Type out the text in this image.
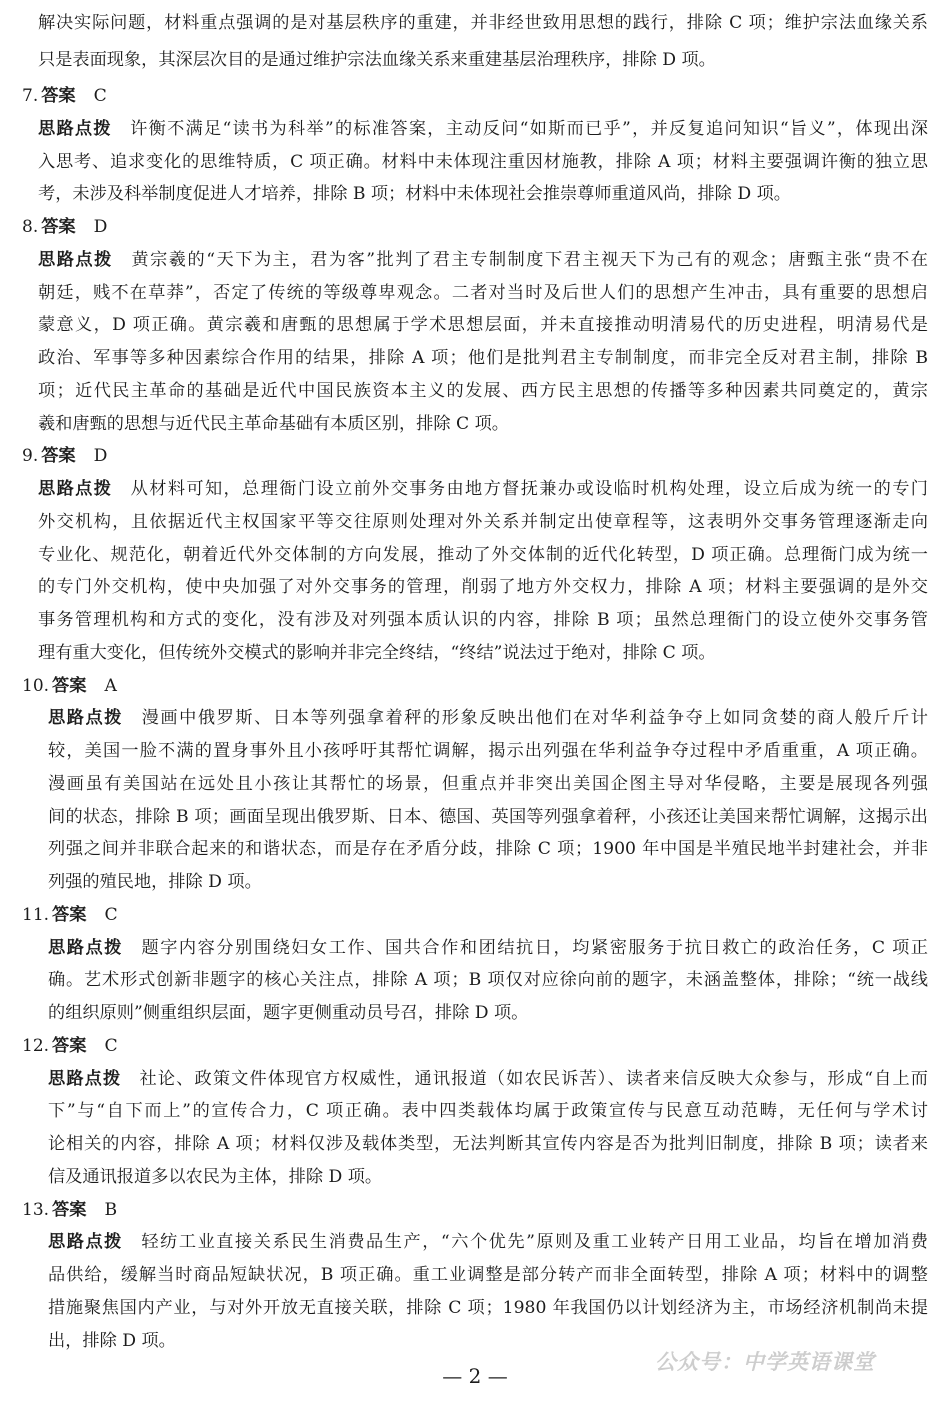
解决实际问题，材料重点强调的是对基层秩序的重建，并非经世致用思想的践行，排除 C 项；维护宗法血缘关系
只是表面现象，其深层次目的是通过维护宗法血缘关系来重建基层治理秩序，排除 D 项。
7. 答案 C
思路点拨 许衡不满足“读书为科举”的标准答案，主动反问“如斯而已乎”，并反复追问知识“旨义”，体现出深
入思考、追求变化的思维特质，C 项正确。材料中未体现注重因材施教，排除 A 项；材料主要强调许衡的独立思
考，未涉及科举制度促进人才培养，排除 B 项；材料中未体现社会推崇尊师重道风尚，排除 D 项。
8. 答案 D
思路点拨 黄宗羲的“天下为主，君为客”批判了君主专制制度下君主视天下为己有的观念；唐甄主张“贵不在
朝廷，贱不在草莽”，否定了传统的等级尊卑观念。二者对当时及后世人们的思想产生冲击，具有重要的思想启
蒙意义，D 项正确。黄宗羲和唐甄的思想属于学术思想层面，并未直接推动明清易代的历史进程，明清易代是
政治、军事等多种因素综合作用的结果，排除 A 项；他们是批判君主专制制度，而非完全反对君主制，排除 B
项；近代民主革命的基础是近代中国民族资本主义的发展、西方民主思想的传播等多种因素共同奠定的，黄宗
羲和唐甄的思想与近代民主革命基础有本质区别，排除 C 项。
9. 答案 D
思路点拨 从材料可知，总理衙门设立前外交事务由地方督抚兼办或设临时机构处理，设立后成为统一的专门
外交机构，且依据近代主权国家平等交往原则处理对外关系并制定出使章程等，这表明外交事务管理逐渐走向
专业化、规范化，朝着近代外交体制的方向发展，推动了外交体制的近代化转型，D 项正确。总理衙门成为统一
的专门外交机构，使中央加强了对外交事务的管理，削弱了地方外交权力，排除 A 项；材料主要强调的是外交
事务管理机构和方式的变化，没有涉及对列强本质认识的内容，排除 B 项；虽然总理衙门的设立使外交事务管
理有重大变化，但传统外交模式的影响并非完全终结，“终结”说法过于绝对，排除 C 项。
10. 答案 A
思路点拨 漫画中俄罗斯、日本等列强拿着秤的形象反映出他们在对华利益争夺上如同贪婪的商人般斤斤计
较，美国一脸不满的置身事外且小孩呼吁其帮忙调解，揭示出列强在华利益争夺过程中矛盾重重，A 项正确。
漫画虽有美国站在远处且小孩让其帮忙的场景，但重点并非突出美国企图主导对华侵略，主要是展现各列强
间的状态，排除 B 项；画面呈现出俄罗斯、日本、德国、英国等列强拿着秤，小孩还让美国来帮忙调解，这揭示出
列强之间并非联合起来的和谐状态，而是存在矛盾分歧，排除 C 项；1900 年中国是半殖民地半封建社会，并非
列强的殖民地，排除 D 项。
11. 答案 C
思路点拨 题字内容分别围绕妇女工作、国共合作和团结抗日，均紧密服务于抗日救亡的政治任务，C 项正
确。艺术形式创新非题字的核心关注点，排除 A 项；B 项仅对应徐向前的题字，未涵盖整体，排除；“统一战线
的组织原则”侧重组织层面，题字更侧重动员号召，排除 D 项。
12. 答案 C
思路点拨 社论、政策文件体现官方权威性，通讯报道（如农民诉苦）、读者来信反映大众参与，形成“自上而
下”与“自下而上”的宣传合力，C 项正确。表中四类载体均属于政策宣传与民意互动范畴，无任何与学术讨
论相关的内容，排除 A 项；材料仅涉及载体类型，无法判断其宣传内容是否为批判旧制度，排除 B 项；读者来
信及通讯报道多以农民为主体，排除 D 项。
13. 答案 B
思路点拨 轻纺工业直接关系民生消费品生产，“六个优先”原则及重工业转产日用工业品，均旨在增加消费
品供给，缓解当时商品短缺状况，B 项正确。重工业调整是部分转产而非全面转型，排除 A 项；材料中的调整
措施聚焦国内产业，与对外开放无直接关联，排除 C 项；1980 年我国仍以计划经济为主，市场经济机制尚未提
出，排除 D 项。
公众号：中学英语课堂
— 2 —
